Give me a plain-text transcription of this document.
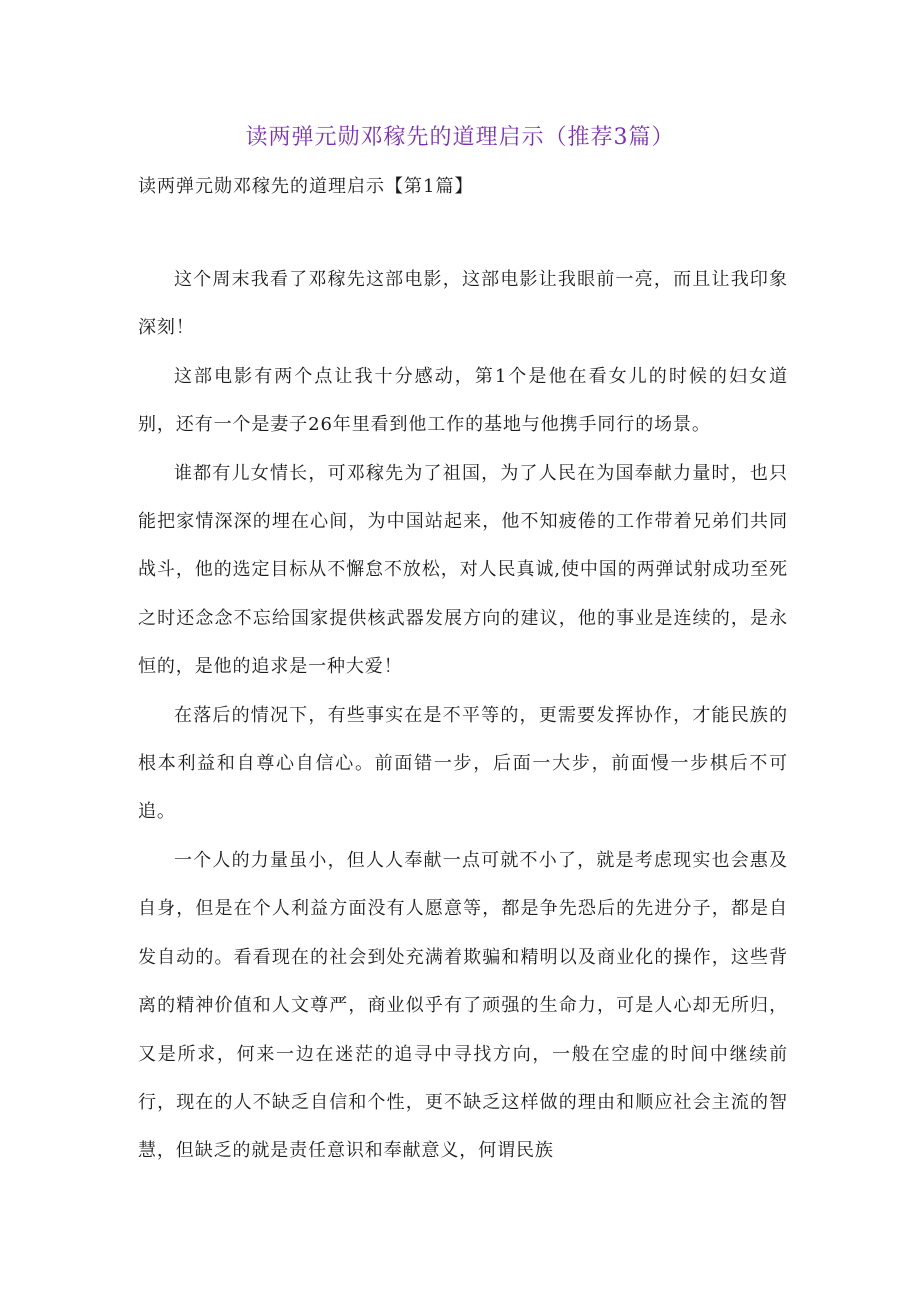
读两弹元勋邓稼先的道理启示（推荐3篇）
读两弹元勋邓稼先的道理启示【第1篇】

这个周末我看了邓稼先这部电影，这部电影让我眼前一亮，而且让我印象深刻！

这部电影有两个点让我十分感动，第1个是他在看女儿的时候的妇女道别，还有一个是妻子26年里看到他工作的基地与他携手同行的场景。

谁都有儿女情长，可邓稼先为了祖国，为了人民在为国奉献力量时，也只能把家情深深的埋在心间，为中国站起来，他不知疲倦的工作带着兄弟们共同战斗，他的选定目标从不懈怠不放松，对人民真诚,使中国的两弹试射成功至死之时还念念不忘给国家提供核武器发展方向的建议，他的事业是连续的，是永恒的，是他的追求是一种大爱！

在落后的情况下，有些事实在是不平等的，更需要发挥协作，才能民族的根本利益和自尊心自信心。前面错一步，后面一大步，前面慢一步棋后不可追。

一个人的力量虽小，但人人奉献一点可就不小了，就是考虑现实也会惠及自身，但是在个人利益方面没有人愿意等，都是争先恐后的先进分子，都是自发自动的。看看现在的社会到处充满着欺骗和精明以及商业化的操作，这些背离的精神价值和人文尊严，商业似乎有了顽强的生命力，可是人心却无所归，又是所求，何来一边在迷茫的追寻中寻找方向，一般在空虚的时间中继续前行，现在的人不缺乏自信和个性，更不缺乏这样做的理由和顺应社会主流的智慧，但缺乏的就是责任意识和奉献意义，何谓民族
